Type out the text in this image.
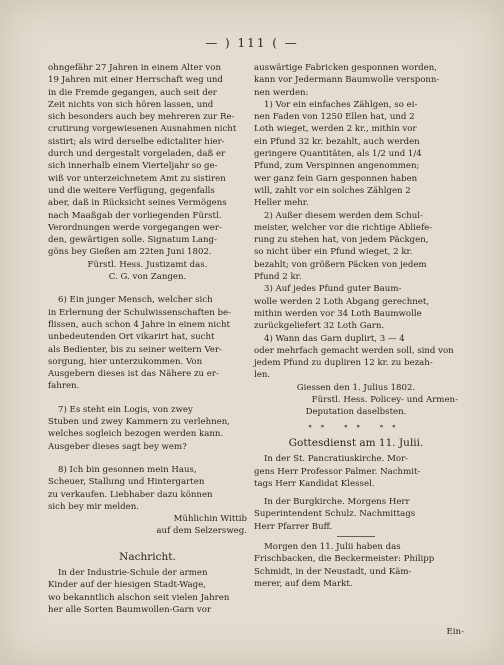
— ) 111 ( —

ohngefähr 27 Jahren in einem Alter von

19 Jahren mit einer Herrschaft weg und

in die Fremde gegangen, auch seit der

Zeit nichts von sich hören lassen, und

sich besonders auch bey mehreren zur Re-

crutirung vorgewiesenen Ausnahmen nicht

sistirt; als wird derselbe edictaliter hier-

durch und dergestalt vorgeladen, daß er

sich innerhalb einem Vierteljahr so ge-

wiß vor unterzeichnetem Amt zu sistiren

und die weitere Verfügung, gegenfalls

aber, daß in Rücksicht seines Vermögens

nach Maaßgab der vorliegenden Fürstl.

Verordnungen werde vorgegangen wer-

den, gewärtigen solle. Signatum Lang-

göns bey Gießen am 22ten Juni 1802.

Fürstl. Hess. Justizamt das.

C. G. von Zangen.

6) Ein junger Mensch, welcher sich

in Erlernung der Schulwissenschaften be-

flissen, auch schon 4 Jahre in einem nicht

unbedeutenden Ort vikarirt hat, sucht

als Bedienter, bis zu seiner weitern Ver-

sorgung, hier unterzukommen. Von

Ausgebern dieses ist das Nähere zu er-

fahren.

7) Es steht ein Logis, von zwey

Stuben und zwey Kammern zu verlehnen,

welches sogleich bezogen werden kann.

Ausgeber dieses sagt bey wem?

8) Ich bin gesonnen mein Haus,

Scheuer, Stallung und Hintergarten

zu verkaufen. Liebhaber dazu können

sich bey mir melden.

Mühlichin Wittib

auf dem Selzersweg.

Nachricht.

In der Industrie-Schule der armen

Kinder auf der hiesigen Stadt-Wage,

wo bekanntlich alschon seit vielen Jahren

her alle Sorten Baumwollen-Garn vor

auswärtige Fabricken gesponnen worden,

kann vor Jedermann Baumwolle versponn-

nen werden:

1) Vor ein einfaches Zählgen, so ei-

nen Faden von 1250 Ellen hat, und 2

Loth wieget, werden 2 kr., mithin vor

ein Pfund 32 kr. bezahlt, auch werden

geringere Quantitäten, als 1/2 und 1/4

Pfund, zum Verspinnen angenommen;

wer ganz fein Garn gesponnen haben

will, zahlt vor ein solches Zählgen 2

Heller mehr.

2) Außer diesem werden dem Schul-

meister, welcher vor die richtige Abliefe-

rung zu stehen hat, von jedem Päckgen,

so nicht über ein Pfund wieget, 2 kr.

bezahlt; von größern Päcken von jedem

Pfund 2 kr.

3) Auf jedes Pfund guter Baum-

wolle werden 2 Loth Abgang gerechnet,

mithin werden vor 34 Loth Baumwolle

zurückgeliefert 32 Loth Garn.

4) Wann das Garn duplirt, 3 — 4

oder mehrfach gemacht werden soll, sind von

jedem Pfund zu dupliren 12 kr. zu bezah-

len.

Giessen den 1. Julius 1802.

Fürstl. Hess. Policey- und Armen-

Deputation daselbsten.

∘∘ ∘∘ ∘∘
Gottesdienst am 11. Julii.

In der St. Pancratiuskirche. Mor-

gens Herr Professor Palmer. Nachmit-

tags Herr Kandidat Klessel.

In der Burgkirche. Morgens Herr

Superintendent Schulz. Nachmittags

Herr Pfarrer Buff.

Morgen den 11. Julii haben das

Frischbacken, die Beckermeister: Philipp

Schmidt, in der Neustadt, und Käm-

merer, auf dem Markt.

Ein-
